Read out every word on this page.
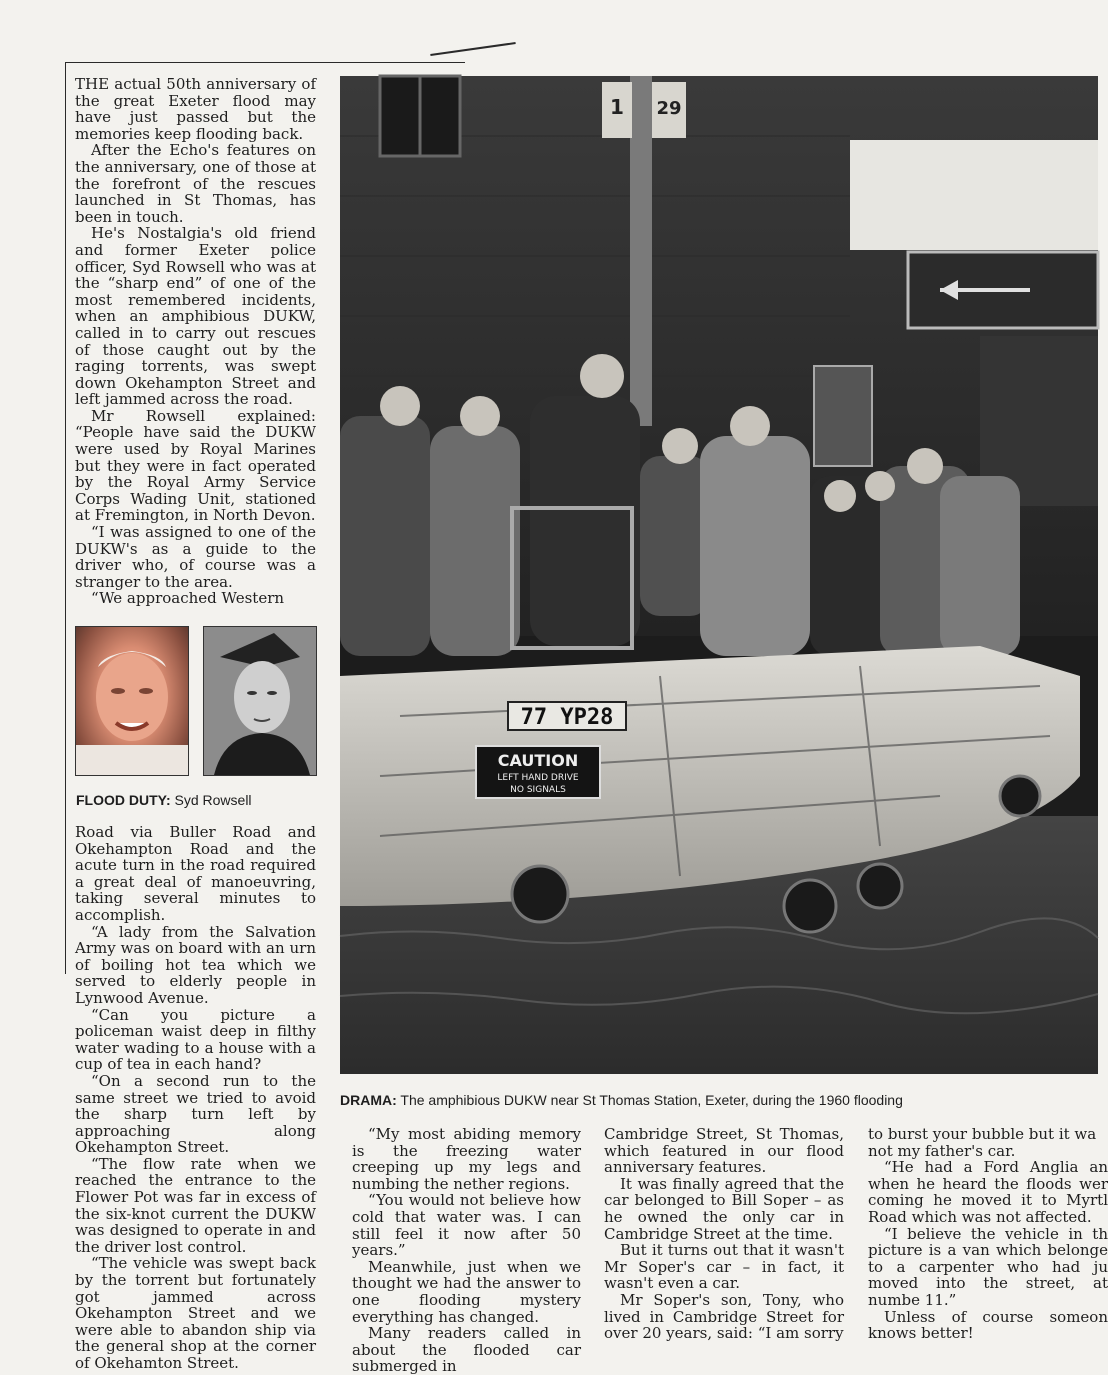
THE actual 50th anniversary of the great Exeter flood may have just passed but the memories keep flooding back.

After the Echo's features on the anniversary, one of those at the forefront of the rescues launched in St Thomas, has been in touch.

He's Nostalgia's old friend and former Exeter police officer, Syd Rowsell who was at the “sharp end” of one of the most remembered incidents, when an amphibious DUKW, called in to carry out rescues of those caught out by the raging torrents, was swept down Okehampton Street and left jammed across the road.

Mr Rowsell explained: “People have said the DUKW were used by Royal Marines but they were in fact operated by the Royal Army Service Corps Wading Unit, stationed at Fremington, in North Devon.

“I was assigned to one of the DUKW's as a guide to the driver who, of course was a stranger to the area.

“We approached Western

FLOOD DUTY: Syd Rowsell

Road via Buller Road and Okehampton Road and the acute turn in the road required a great deal of manoeuvring, taking several minutes to accomplish.

“A lady from the Salvation Army was on board with an urn of boiling hot tea which we served to elderly people in Lynwood Avenue.

“Can you picture a policeman waist deep in filthy water wading to a house with a cup of tea in each hand?

“On a second run to the same street we tried to avoid the sharp turn left by approaching along Okehampton Street.

“The flow rate when we reached the entrance to the Flower Pot was far in excess of the six-knot current the DUKW was designed to operate in and the driver lost control.

“The vehicle was swept back by the torrent but fortunately got jammed across Okehampton Street and we were able to abandon ship via the general shop at the corner of Okehamton Street.

1 29
77 YP28
CAUTION
LEFT HAND DRIVE
NO SIGNALS
DRAMA: The amphibious DUKW near St Thomas Station, Exeter, during the 1960 flooding

“My most abiding memory is the freezing water creeping up my legs and numbing the nether regions.

“You would not believe how cold that water was. I can still feel it now after 50 years.”

Meanwhile, just when we thought we had the answer to one flooding mystery everything has changed.

Many readers called in about the flooded car submerged in

Cambridge Street, St Thomas, which featured in our flood anniversary features.

It was finally agreed that the car belonged to Bill Soper – as he owned the only car in Cambridge Street at the time.

But it turns out that it wasn't Mr Soper's car – in fact, it wasn't even a car.

Mr Soper's son, Tony, who lived in Cambridge Street for over 20 years, said: “I am sorry

to burst your bubble but it wa

not my father's car.

“He had a Ford Anglia an when he heard the floods wer coming he moved it to Myrtl Road which was not affected.

“I believe the vehicle in th picture is a van which belonge to a carpenter who had ju moved into the street, at numbe 11.”

Unless of course someon knows better!
